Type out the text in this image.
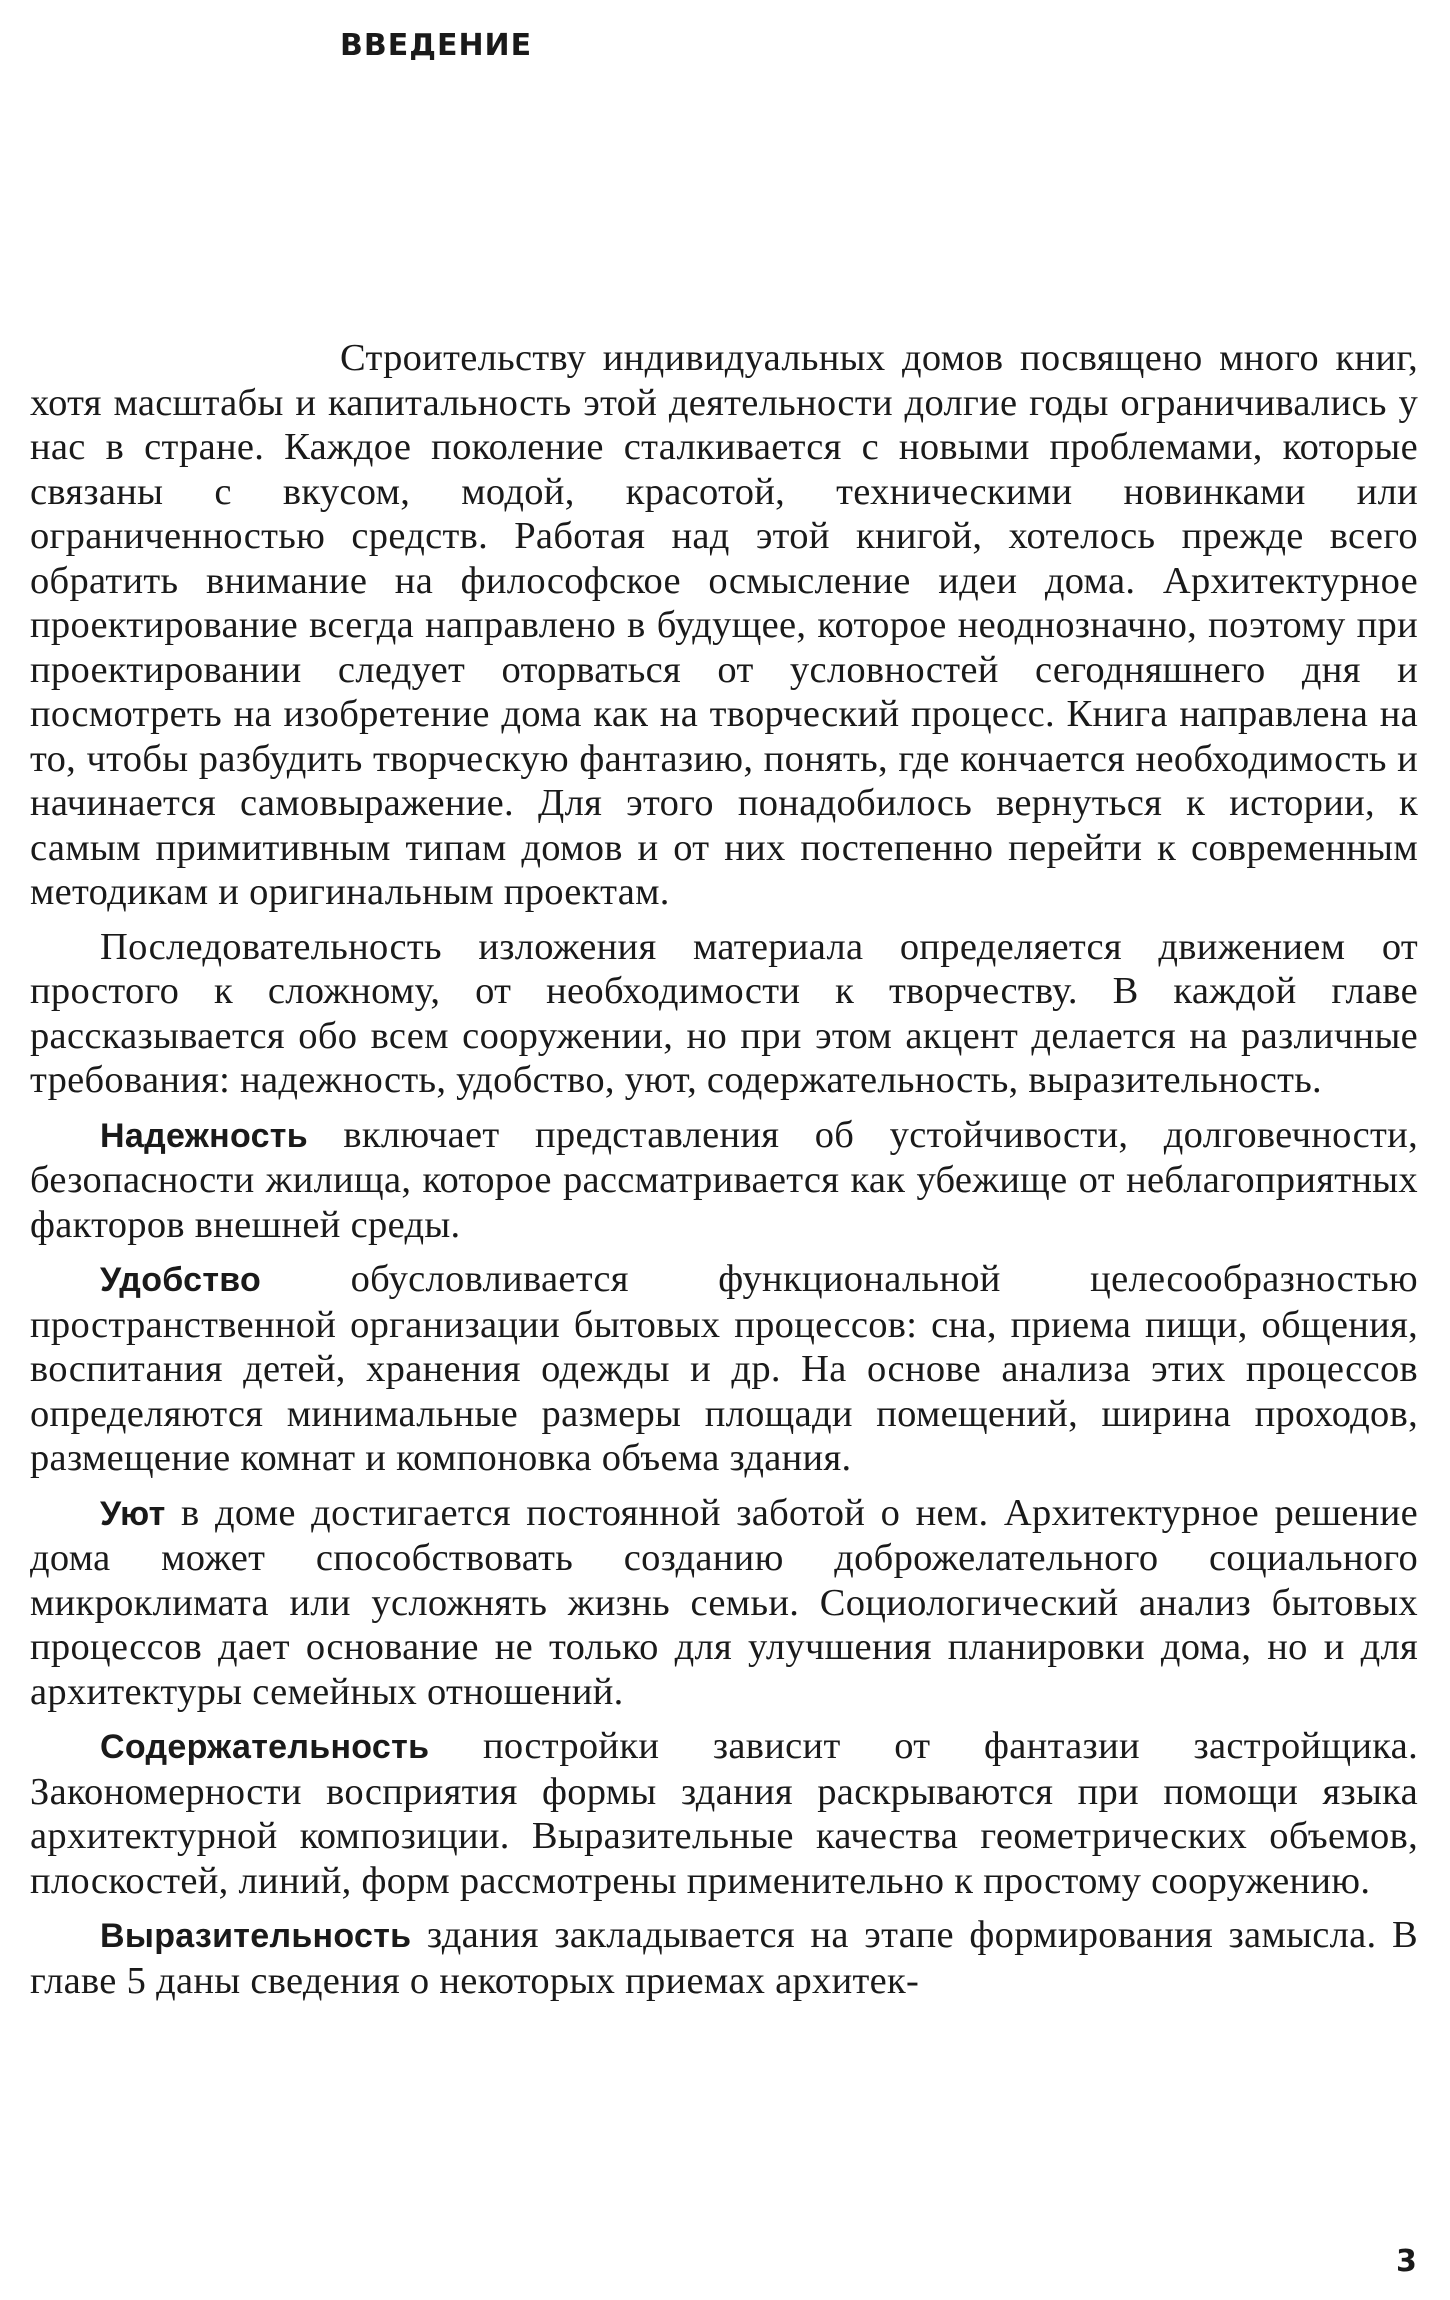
ВВЕДЕНИЕ

Строительству индивидуальных домов посвящено много книг, хотя масштабы и капитальность этой деятельности долгие годы ограничивались у нас в стране. Каждое поколение сталкивается с новыми проблемами, которые связаны с вкусом, модой, красотой, техническими новинками или ограниченностью средств. Работая над этой книгой, хотелось прежде всего обратить внимание на философское осмысление идеи дома. Архитектурное проектирование всегда направлено в будущее, которое неоднозначно, поэтому при проектировании следует оторваться от условностей сегодняшнего дня и посмотреть на изобретение дома как на творческий процесс. Книга направлена на то, чтобы разбудить творческую фантазию, понять, где кончается необходимость и начинается самовыражение. Для этого понадобилось вернуться к истории, к самым примитивным типам домов и от них постепенно перейти к современным методикам и оригинальным проектам.

Последовательность изложения материала определяется движением от простого к сложному, от необходимости к творчеству. В каждой главе рассказывается обо всем сооружении, но при этом акцент делается на различные требования: надежность, удобство, уют, содержательность, выразительность.

Надежность включает представления об устойчивости, долговечности, безопасности жилища, которое рассматривается как убежище от неблагоприятных факторов внешней среды.

Удобство обусловливается функциональной целесообразностью пространственной организации бытовых процессов: сна, приема пищи, общения, воспитания детей, хранения одежды и др. На основе анализа этих процессов определяются минимальные размеры площади помещений, ширина проходов, размещение комнат и компоновка объема здания.

Уют в доме достигается постоянной заботой о нем. Архитектурное решение дома может способствовать созданию доброжелательного социального микроклимата или усложнять жизнь семьи. Социологический анализ бытовых процессов дает основание не только для улучшения планировки дома, но и для архитектуры семейных отношений.

Содержательность постройки зависит от фантазии застройщика. Закономерности восприятия формы здания раскрываются при помощи языка архитектурной композиции. Выразительные качества геометрических объемов, плоскостей, линий, форм рассмотрены применительно к простому сооружению.

Выразительность здания закладывается на этапе формирования замысла. В главе 5 даны сведения о некоторых приемах архитек-

3
